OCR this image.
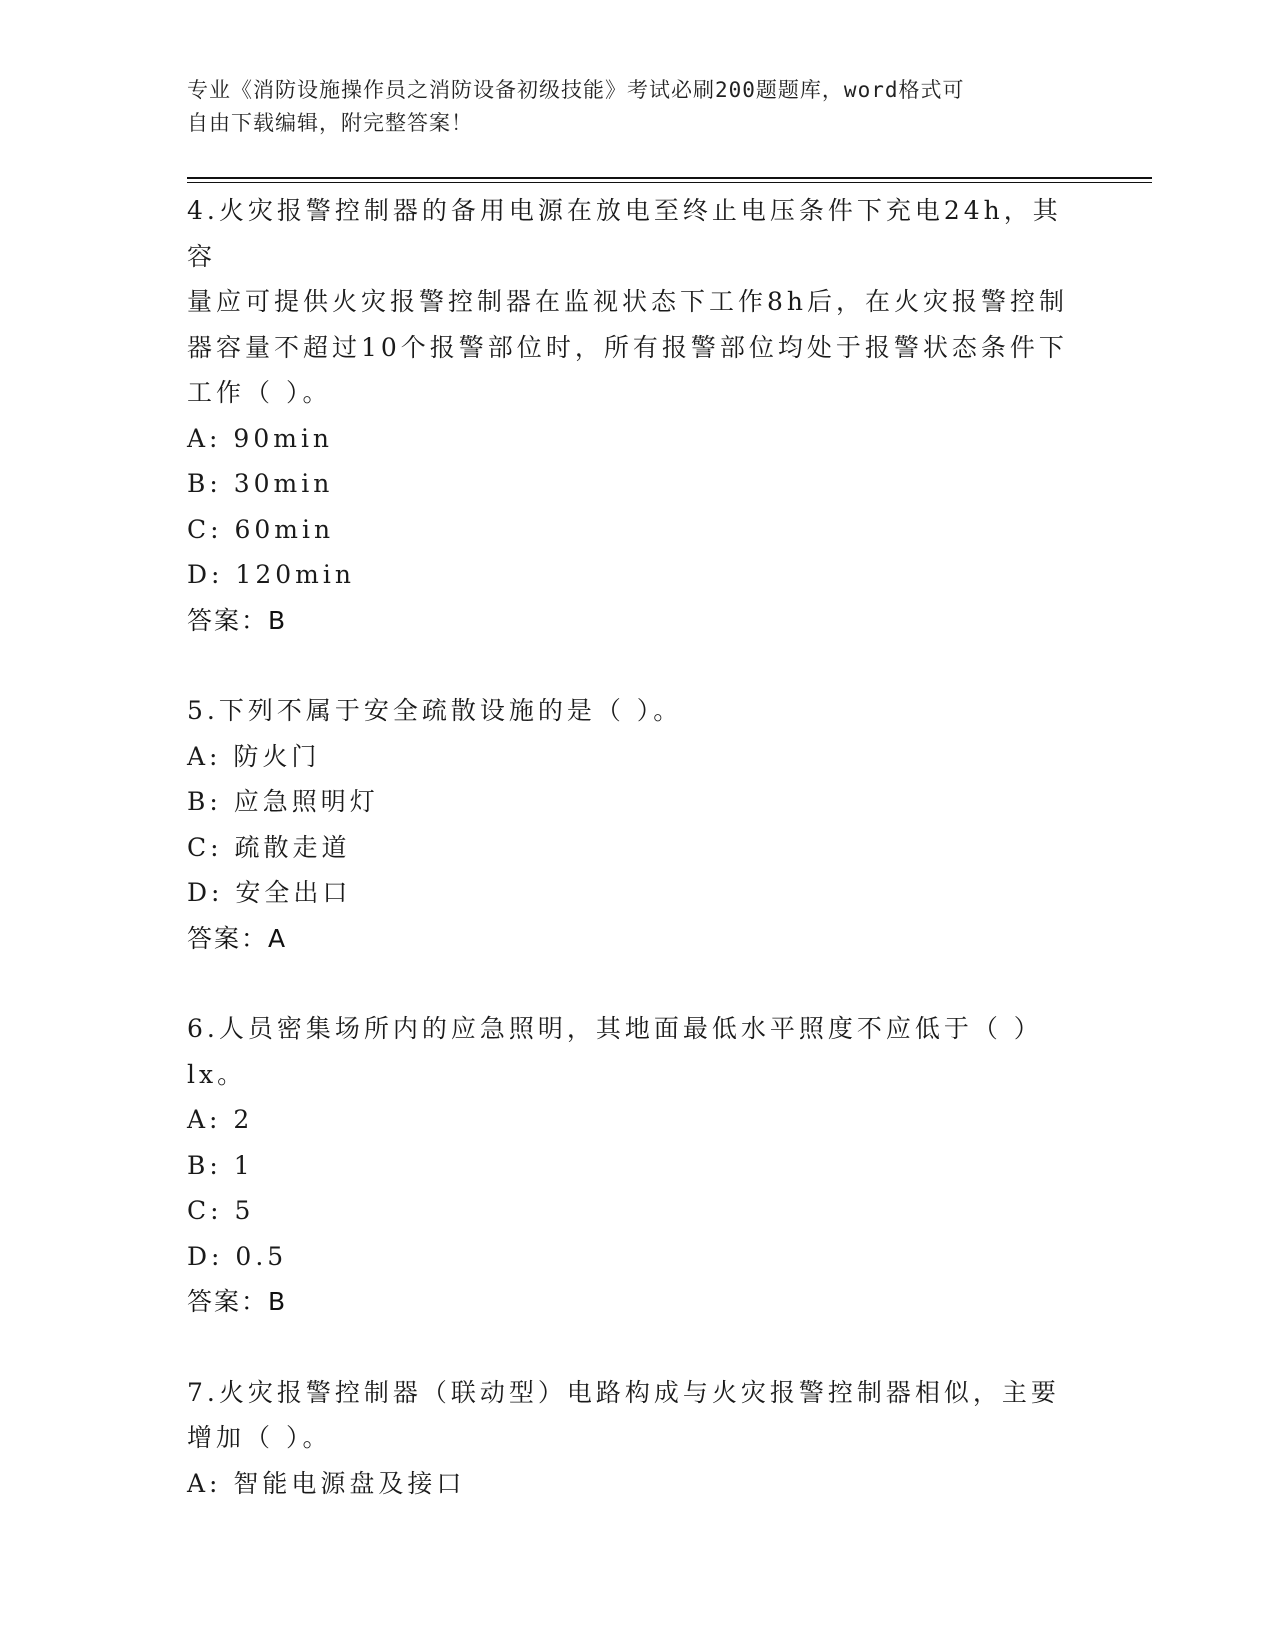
专业《消防设施操作员之消防设备初级技能》考试必刷200题题库，word格式可
自由下载编辑，附完整答案！

4.火灾报警控制器的备用电源在放电至终止电压条件下充电24h，其容

量应可提供火灾报警控制器在监视状态下工作8h后，在火灾报警控制

器容量不超过10个报警部位时，所有报警部位均处于报警状态条件下

工作（ ）。

A: 90min

B: 30min

C: 60min

D: 120min

答案：B

5.下列不属于安全疏散设施的是（ ）。

A: 防火门

B: 应急照明灯

C: 疏散走道

D: 安全出口

答案：A

6.人员密集场所内的应急照明，其地面最低水平照度不应低于（ ）

lx。

A: 2

B: 1

C: 5

D: 0.5

答案：B

7.火灾报警控制器（联动型）电路构成与火灾报警控制器相似，主要

增加（ ）。

A: 智能电源盘及接口
